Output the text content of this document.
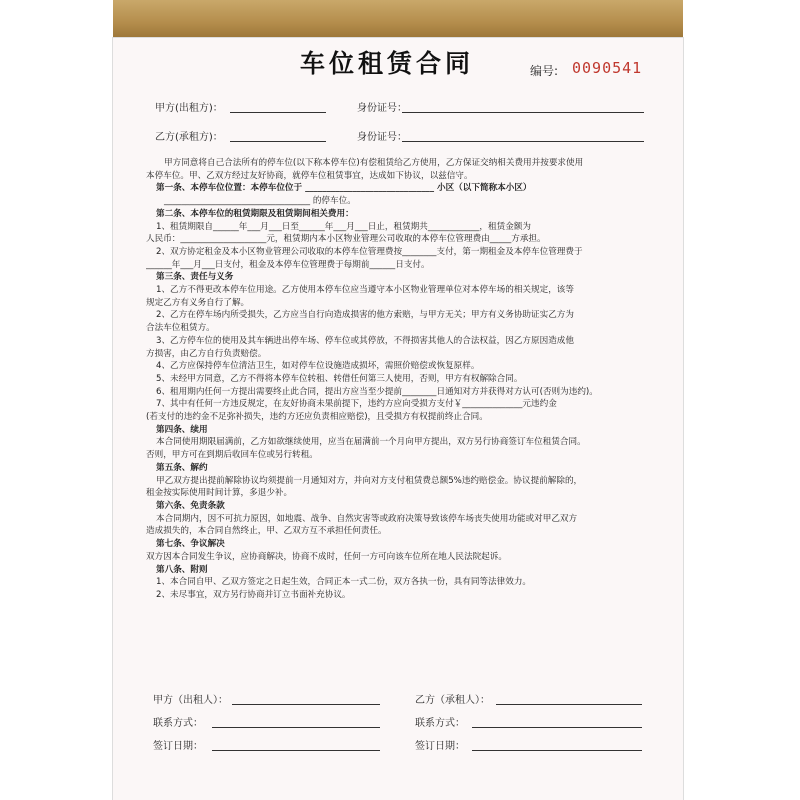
车位租赁合同	编号: 0090541
甲方(出租方)：	身份证号：
乙方(承租方)：	身份证号：

甲方同意将自己合法所有的停车位(以下称本停车位)有偿租赁给乙方使用，乙方保证交纳相关费用并按要求使用

本停车位。甲、乙双方经过友好协商，就停车位租赁事宜，达成如下协议，以兹信守。

第一条、本停车位位置：本停车位位于 ______________________________ 小区（以下简称本小区）

__________________________________ 的停车位。

第二条、本停车位的租赁期限及租赁期间相关费用：

1、租赁期限自______年___月___日至______年___月___日止，租赁期共____________，租赁金额为

人民币：____________________元，租赁期内本小区物业管理公司收取的本停车位管理费由_____方承担。

2、双方协定租金及本小区物业管理公司收取的本停车位管理费按________支付，第一期租金及本停车位管理费于

______年___月___日支付，租金及本停车位管理费于每期前______日支付。

第三条、责任与义务

1、乙方不得更改本停车位用途。乙方使用本停车位应当遵守本小区物业管理单位对本停车场的相关规定，该等

规定乙方有义务自行了解。

2、乙方在停车场内所受损失，乙方应当自行向造成损害的他方索赔，与甲方无关；甲方有义务协助证实乙方为

合法车位租赁方。

3、乙方停车位的使用及其车辆进出停车场、停车位或其停放，不得损害其他人的合法权益，因乙方原因造成他

方损害，由乙方自行负责赔偿。

4、乙方应保持停车位清洁卫生，如对停车位设施造成损坏，需照价赔偿或恢复原样。

5、未经甲方同意，乙方不得将本停车位转租、转借任何第三人使用，否则，甲方有权解除合同。

6、租用期内任何一方提出需要终止此合同，提出方应当至少提前________日通知对方并获得对方认可(否则为违约)。

7、其中有任何一方违反规定，在友好协商未果前提下，违约方应向受损方支付￥______________元违约金

(若支付的违约金不足弥补损失，违约方还应负责相应赔偿)，且受损方有权提前终止合同。

第四条、续用

本合同使用期限届满前，乙方如欲继续使用，应当在届满前一个月向甲方提出，双方另行协商签订车位租赁合同。

否则，甲方可在到期后收回车位或另行转租。

第五条、解约

甲乙双方提出提前解除协议均须提前一月通知对方，并向对方支付租赁费总额5%违约赔偿金。协议提前解除的，

租金按实际使用时间计算，多退少补。

第六条、免责条款

本合同期内，因不可抗力原因，如地震、战争、自然灾害等或政府决策导致该停车场丧失使用功能或对甲乙双方

造成损失的，本合同自然终止，甲、乙双方互不承担任何责任。

第七条、争议解决

双方因本合同发生争议，应协商解决，协商不成时，任何一方可向该车位所在地人民法院起诉。

第八条、附则

1、本合同自甲、乙双方签定之日起生效，合同正本一式二份，双方各执一份，具有同等法律效力。

2、未尽事宜，双方另行协商并订立书面补充协议。

甲方（出租人）：	乙方（承租人）：
联系方式：	联系方式：
签订日期：	签订日期：
